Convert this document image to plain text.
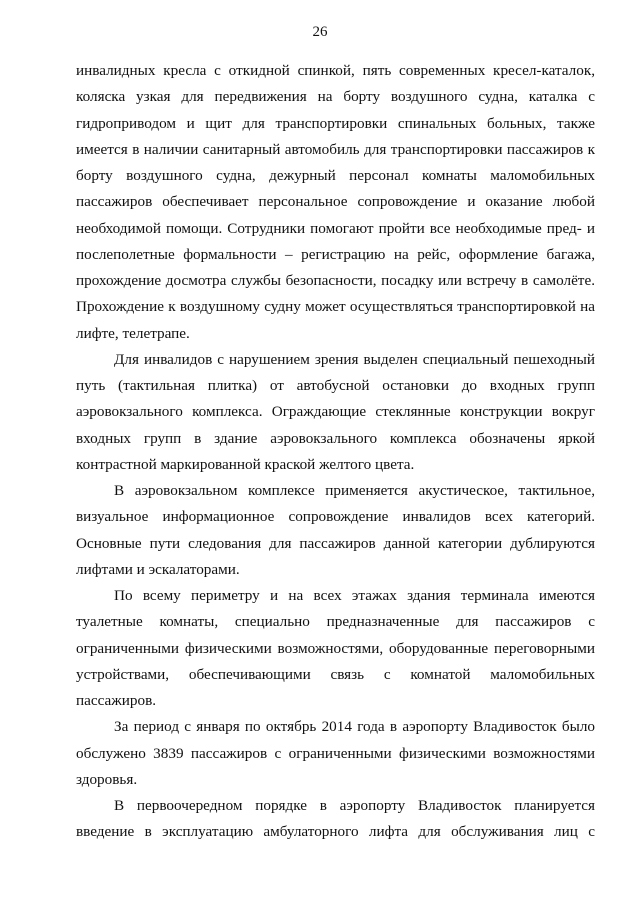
26
инвалидных кресла с откидной спинкой, пять современных кресел-каталок,
коляска узкая для передвижения на борту воздушного судна, каталка с
гидроприводом и щит для транспортировки спинальных больных, также
имеется в наличии санитарный автомобиль для транспортировки пассажиров к
борту воздушного судна, дежурный персонал комнаты маломобильных
пассажиров обеспечивает персональное сопровождение и оказание любой
необходимой помощи. Сотрудники помогают пройти все необходимые пред- и
послеполетные формальности – регистрацию на рейс, оформление багажа,
прохождение досмотра службы безопасности, посадку или встречу в самолёте.
Прохождение к воздушному судну может осуществляться транспортировкой на
лифте, телетрапе.
Для инвалидов с нарушением зрения выделен специальный пешеходный
путь (тактильная плитка) от автобусной остановки до входных групп
аэровокзального комплекса. Ограждающие стеклянные конструкции вокруг
входных групп в здание аэровокзального комплекса обозначены яркой
контрастной маркированной краской желтого цвета.
В аэровокзальном комплексе применяется акустическое, тактильное,
визуальное информационное сопровождение инвалидов всех категорий.
Основные пути следования для пассажиров данной категории дублируются
лифтами и эскалаторами.
По всему периметру и на всех этажах здания терминала имеются
туалетные комнаты, специально предназначенные для пассажиров с
ограниченными физическими возможностями, оборудованные переговорными
устройствами, обеспечивающими связь с комнатой маломобильных
пассажиров.
За период с января по октябрь 2014 года в аэропорту Владивосток было
обслужено 3839 пассажиров с ограниченными физическими возможностями
здоровья.
В первоочередном порядке в аэропорту Владивосток планируется
введение в эксплуатацию амбулаторного лифта для обслуживания лиц с
